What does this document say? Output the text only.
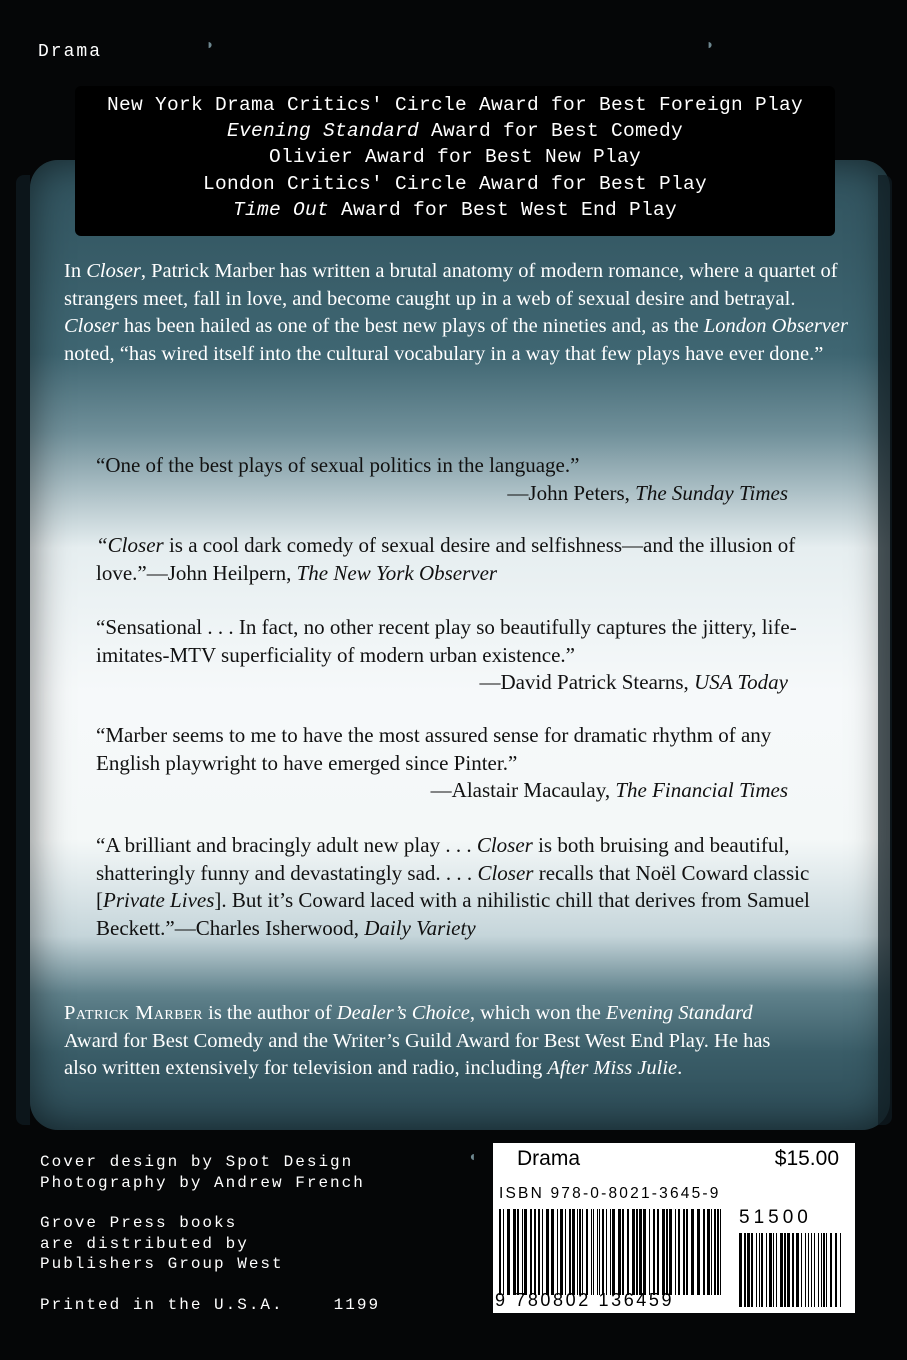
◗	◗
Drama
New York Drama Critics' Circle Award for Best Foreign Play
Evening Standard Award for Best Comedy
Olivier Award for Best New Play
London Critics' Circle Award for Best Play
Time Out Award for Best West End Play
In Closer, Patrick Marber has written a brutal anatomy of modern romance, where a quartet of strangers meet, fall in love, and become caught up in a web of sexual desire and betrayal. Closer has been hailed as one of the best new plays of the nineties and, as the London Observer noted, “has wired itself into the cultural vocabulary in a way that few plays have ever done.”
“One of the best plays of sexual politics in the language.”
—John Peters, The Sunday Times
“Closer is a cool dark comedy of sexual desire and selfishness—and the illusion of love.”—John Heilpern, The New York Observer
“Sensational . . . In fact, no other recent play so beautifully captures the jittery, life-imitates-MTV superficiality of modern urban existence.”
—David Patrick Stearns, USA Today
“Marber seems to me to have the most assured sense for dramatic rhythm of any English playwright to have emerged since Pinter.”
—Alastair Macaulay, The Financial Times
“A brilliant and bracingly adult new play . . . Closer is both bruising and beautiful, shatteringly funny and devastatingly sad. . . . Closer recalls that Noël Coward classic [Private Lives]. But it’s Coward laced with a nihilistic chill that derives from Samuel Beckett.”—Charles Isherwood, Daily Variety
Patrick Marber is the author of Dealer’s Choice, which won the Evening Standard Award for Best Comedy and the Writer’s Guild Award for Best West End Play. He has also written extensively for television and radio, including After Miss Julie.
◖
Cover design by Spot Design
Photography by Andrew French
Grove Press books
are distributed by
Publishers Group West
Printed in the U.S.A.	1199
Drama	$15.00
ISBN 978-0-8021-3645-9
9 780802 136459
51500
